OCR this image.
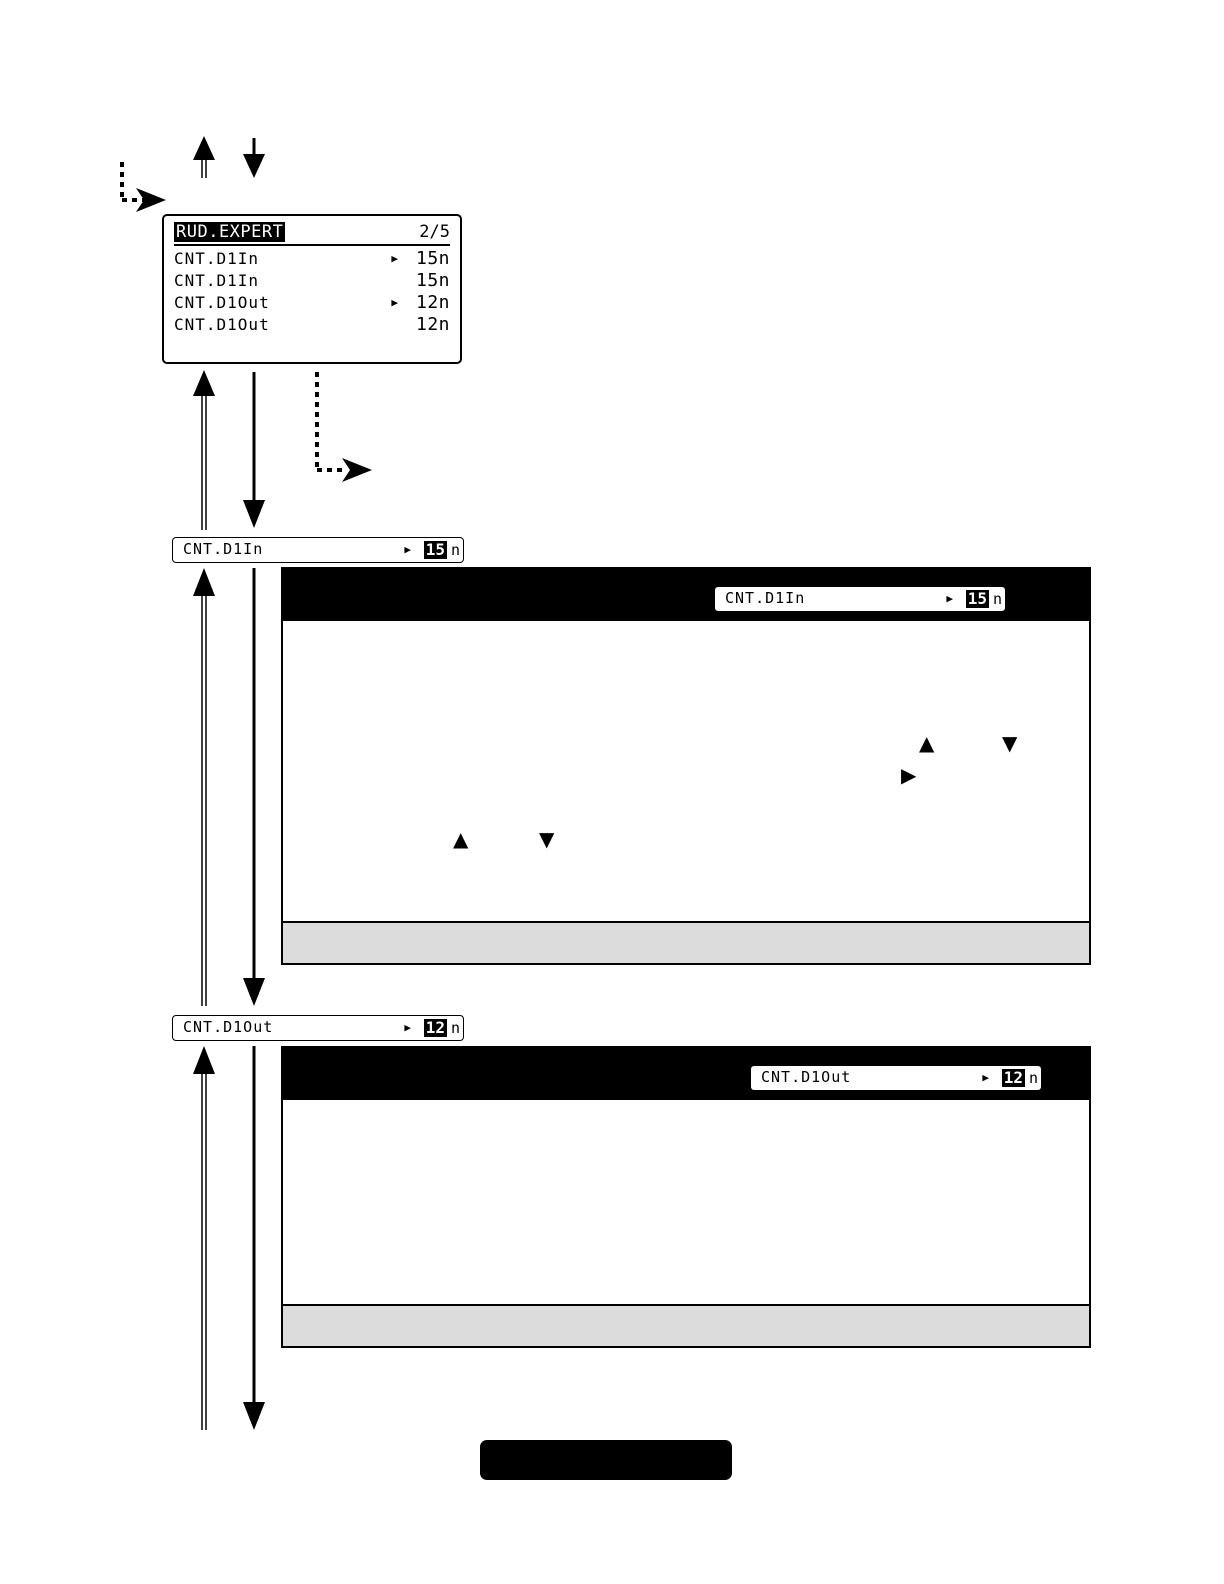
RUD.EXPERT	2/5
CNT.D1In	▶ 15n
CNT.D1In	15n
CNT.D1Out	▶ 12n
CNT.D1Out	12n
CNT.D1In	▶ 15 n
CNT.D1In	▶ 15 n
▲	▼
▶
▲	▼
CNT.D1Out	▶ 12 n
CNT.D1Out	▶ 12 n
